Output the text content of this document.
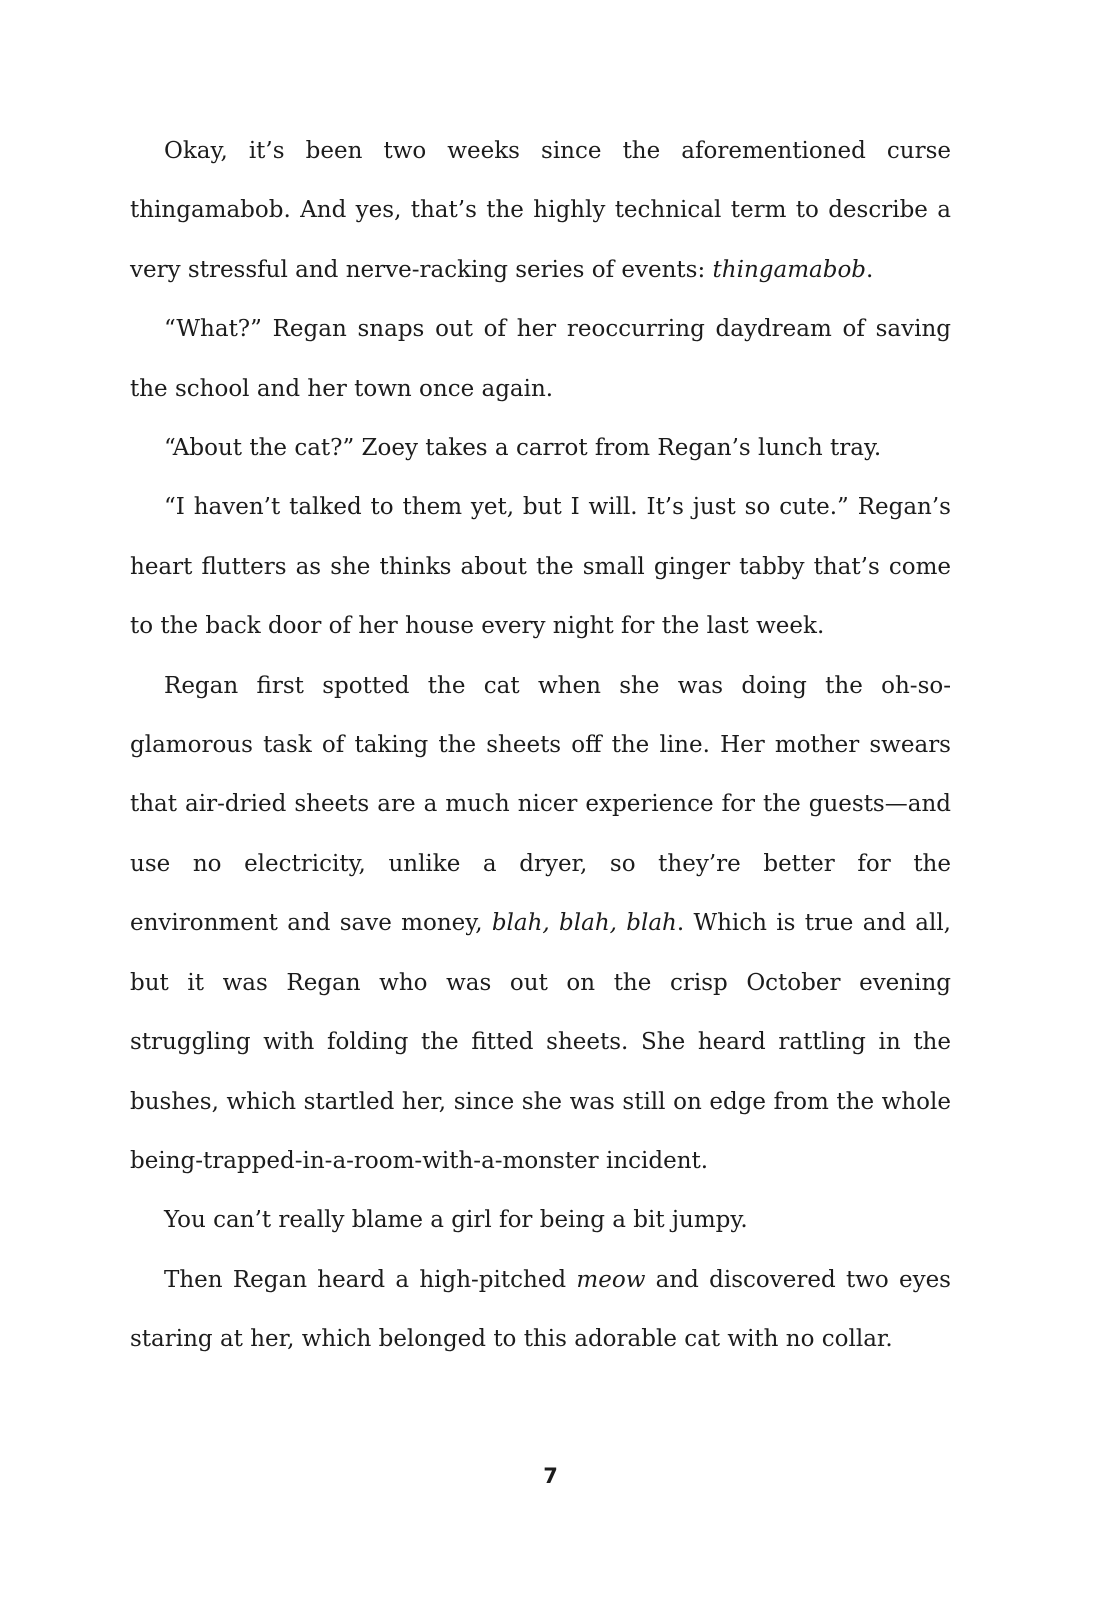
Okay, it’s been two weeks since the aforementioned curse thingamabob. And yes, that’s the highly technical term to describe a very stressful and nerve-racking series of events: thingamabob.

“What?” Regan snaps out of her reoccurring daydream of saving the school and her town once again.

“About the cat?” Zoey takes a carrot from Regan’s lunch tray.

“I haven’t talked to them yet, but I will. It’s just so cute.” Regan’s heart flutters as she thinks about the small ginger tabby that’s come to the back door of her house every night for the last week.

Regan first spotted the cat when she was doing the oh-so-glamorous task of taking the sheets off the line. Her mother swears that air-dried sheets are a much nicer experience for the guests—and use no electricity, unlike a dryer, so they’re better for the environment and save money, blah, blah, blah. Which is true and all, but it was Regan who was out on the crisp October evening struggling with folding the fitted sheets. She heard rattling in the bushes, which startled her, since she was still on edge from the whole being-trapped-in-a-room-with-a-monster incident.

You can’t really blame a girl for being a bit jumpy.

Then Regan heard a high-pitched meow and discovered two eyes staring at her, which belonged to this adorable cat with no collar.

7
